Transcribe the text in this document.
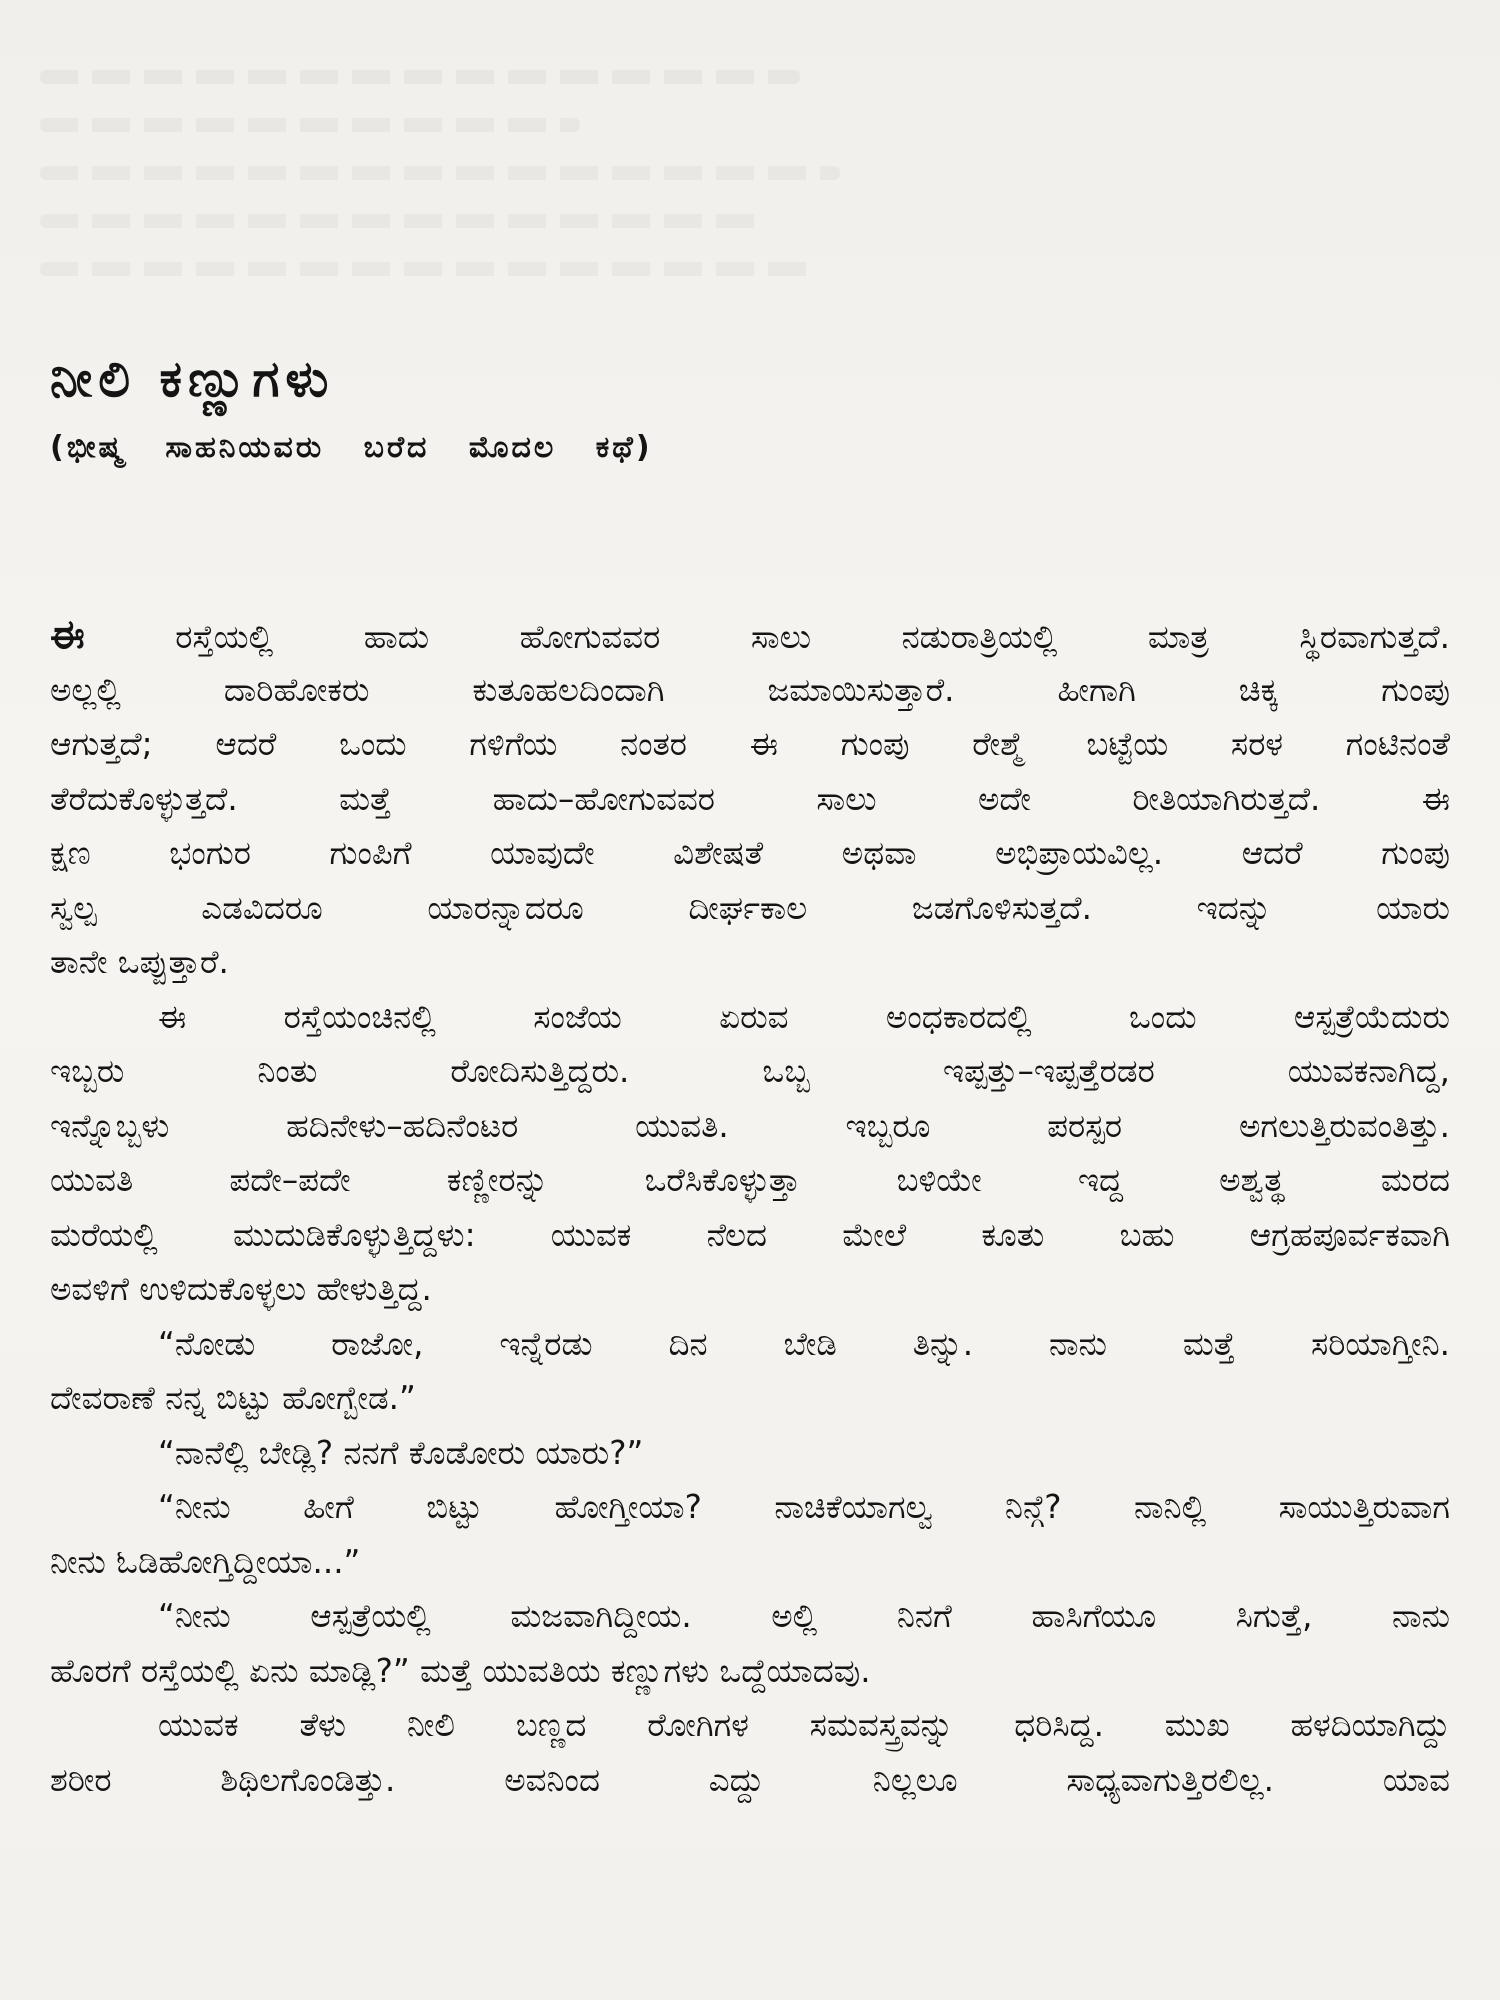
ನೀಲಿ ಕಣ್ಣುಗಳು

(ಭೀಷ್ಮ ಸಾಹನಿಯವರು ಬರೆದ ಮೊದಲ ಕಥೆ)

ಈ ರಸ್ತೆಯಲ್ಲಿ ಹಾದು ಹೋಗುವವರ ಸಾಲು ನಡುರಾತ್ರಿಯಲ್ಲಿ ಮಾತ್ರ ಸ್ಥಿರವಾಗುತ್ತದೆ.
ಅಲ್ಲಲ್ಲಿ ದಾರಿಹೋಕರು ಕುತೂಹಲದಿಂದಾಗಿ ಜಮಾಯಿಸುತ್ತಾರೆ. ಹೀಗಾಗಿ ಚಿಕ್ಕ ಗುಂಪು
ಆಗುತ್ತದೆ; ಆದರೆ ಒಂದು ಗಳಿಗೆಯ ನಂತರ ಈ ಗುಂಪು ರೇಶ್ಮೆ ಬಟ್ಟೆಯ ಸರಳ ಗಂಟಿನಂತೆ
ತೆರೆದುಕೊಳ್ಳುತ್ತದೆ. ಮತ್ತೆ ಹಾದು–ಹೋಗುವವರ ಸಾಲು ಅದೇ ರೀತಿಯಾಗಿರುತ್ತದೆ. ಈ
ಕ್ಷಣ ಭಂಗುರ ಗುಂಪಿಗೆ ಯಾವುದೇ ವಿಶೇಷತೆ ಅಥವಾ ಅಭಿಪ್ರಾಯವಿಲ್ಲ. ಆದರೆ ಗುಂಪು
ಸ್ವಲ್ಪ ಎಡವಿದರೂ ಯಾರನ್ನಾದರೂ ದೀರ್ಘಕಾಲ ಜಡಗೊಳಿಸುತ್ತದೆ. ಇದನ್ನು ಯಾರು
ತಾನೇ ಒಪ್ಪುತ್ತಾರೆ.
ಈ ರಸ್ತೆಯಂಚಿನಲ್ಲಿ ಸಂಜೆಯ ಏರುವ ಅಂಧಕಾರದಲ್ಲಿ ಒಂದು ಆಸ್ಪತ್ರೆಯೆದುರು
ಇಬ್ಬರು ನಿಂತು ರೋದಿಸುತ್ತಿದ್ದರು. ಒಬ್ಬ ಇಪ್ಪತ್ತು–ಇಪ್ಪತ್ತೆರಡರ ಯುವಕನಾಗಿದ್ದ,
ಇನ್ನೊಬ್ಬಳು ಹದಿನೇಳು–ಹದಿನೆಂಟರ ಯುವತಿ. ಇಬ್ಬರೂ ಪರಸ್ಪರ ಅಗಲುತ್ತಿರುವಂತಿತ್ತು.
ಯುವತಿ ಪದೇ–ಪದೇ ಕಣ್ಣೀರನ್ನು ಒರೆಸಿಕೊಳ್ಳುತ್ತಾ ಬಳಿಯೇ ಇದ್ದ ಅಶ್ವತ್ಥ ಮರದ
ಮರೆಯಲ್ಲಿ ಮುದುಡಿಕೊಳ್ಳುತ್ತಿದ್ದಳು: ಯುವಕ ನೆಲದ ಮೇಲೆ ಕೂತು ಬಹು ಆಗ್ರಹಪೂರ್ವಕವಾಗಿ
ಅವಳಿಗೆ ಉಳಿದುಕೊಳ್ಳಲು ಹೇಳುತ್ತಿದ್ದ.
“ನೋಡು ರಾಜೋ, ಇನ್ನೆರಡು ದಿನ ಬೇಡಿ ತಿನ್ನು. ನಾನು ಮತ್ತೆ ಸರಿಯಾಗ್ತೀನಿ.
ದೇವರಾಣೆ ನನ್ನ ಬಿಟ್ಟು ಹೋಗ್ಬೇಡ.”
“ನಾನೆಲ್ಲಿ ಬೇಡ್ಲಿ? ನನಗೆ ಕೊಡೋರು ಯಾರು?”
“ನೀನು ಹೀಗೆ ಬಿಟ್ಟು ಹೋಗ್ತೀಯಾ? ನಾಚಿಕೆಯಾಗಲ್ವ ನಿನ್ಗೆ? ನಾನಿಲ್ಲಿ ಸಾಯುತ್ತಿರುವಾಗ
ನೀನು ಓಡಿಹೋಗ್ತಿದ್ದೀಯಾ...”
“ನೀನು ಆಸ್ಪತ್ರೆಯಲ್ಲಿ ಮಜವಾಗಿದ್ದೀಯ. ಅಲ್ಲಿ ನಿನಗೆ ಹಾಸಿಗೆಯೂ ಸಿಗುತ್ತೆ, ನಾನು
ಹೊರಗೆ ರಸ್ತೆಯಲ್ಲಿ ಏನು ಮಾಡ್ಲಿ?” ಮತ್ತೆ ಯುವತಿಯ ಕಣ್ಣುಗಳು ಒದ್ದೆಯಾದವು.
ಯುವಕ ತೆಳು ನೀಲಿ ಬಣ್ಣದ ರೋಗಿಗಳ ಸಮವಸ್ತ್ರವನ್ನು ಧರಿಸಿದ್ದ. ಮುಖ ಹಳದಿಯಾಗಿದ್ದು
ಶರೀರ ಶಿಥಿಲಗೊಂಡಿತ್ತು. ಅವನಿಂದ ಎದ್ದು ನಿಲ್ಲಲೂ ಸಾಧ್ಯವಾಗುತ್ತಿರಲಿಲ್ಲ. ಯಾವ
